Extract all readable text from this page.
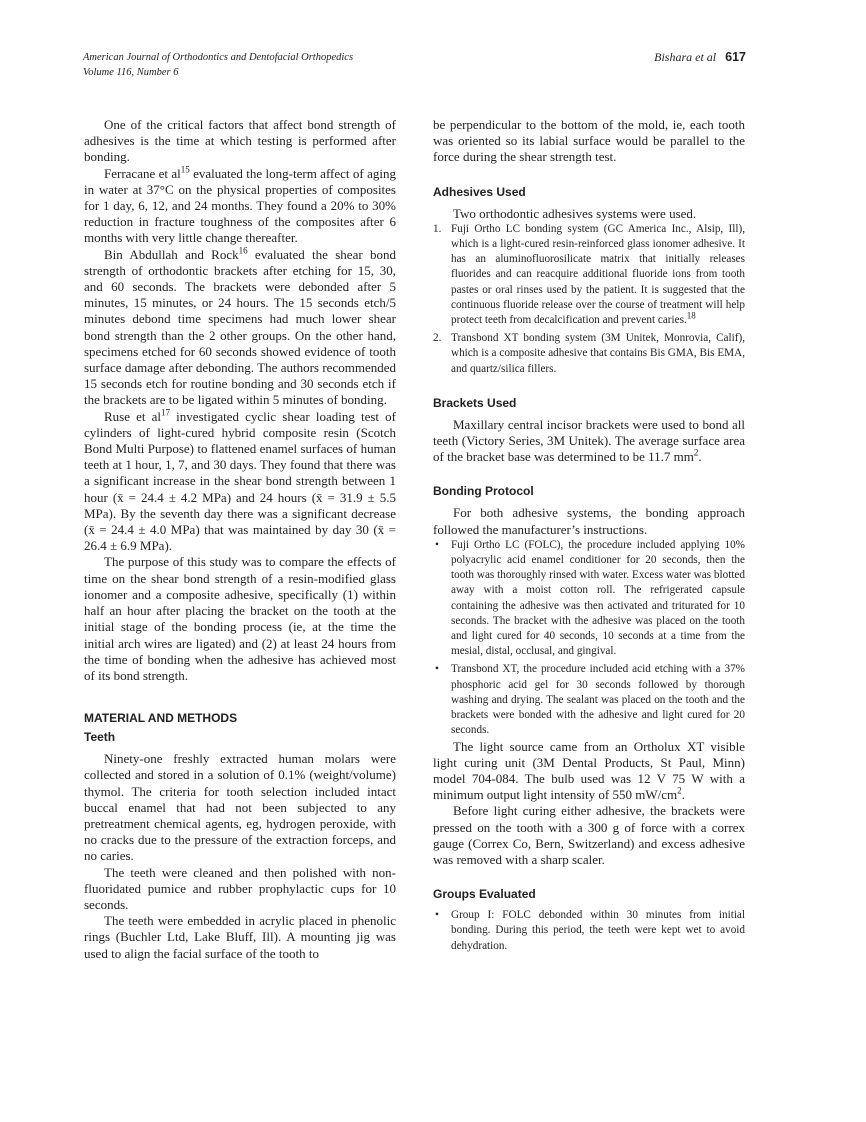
American Journal of Orthodontics and Dentofacial Orthopedics
Volume 116, Number 6
Bishara et al 617

One of the critical factors that affect bond strength of adhesives is the time at which testing is performed after bonding.

Ferracane et $al^{15}$ evaluated the long-term affect of aging in water at 37°C on the physical properties of composites for 1 day, 6, 12, and 24 months. They found a 20% to 30% reduction in fracture toughness of the composites after 6 months with very little change thereafter.

Bin Abdullah and Rock$^{16}$ evaluated the shear bond strength of orthodontic brackets after etching for 15, 30, and 60 seconds. The brackets were debonded after 5 minutes, 15 minutes, or 24 hours. The 15 seconds etch/5 minutes debond time specimens had much lower shear bond strength than the 2 other groups. On the other hand, specimens etched for 60 seconds showed evidence of tooth surface damage after debonding. The authors recommended 15 seconds etch for routine bonding and 30 seconds etch if the brackets are to be ligated within 5 minutes of bonding.

Ruse et $al^{17}$ investigated cyclic shear loading test of cylinders of light-cured hybrid composite resin (Scotch Bond Multi Purpose) to flattened enamel surfaces of human teeth at 1 hour, 1, 7, and 30 days. They found that there was a significant increase in the shear bond strength between 1 hour (x̄ = 24.4 ± 4.2 MPa) and 24 hours (x̄ = 31.9 ± 5.5 MPa). By the seventh day there was a significant decrease (x̄ = 24.4 ± 4.0 MPa) that was maintained by day 30 (x̄ = 26.4 ± 6.9 MPa).

The purpose of this study was to compare the effects of time on the shear bond strength of a resin-modified glass ionomer and a composite adhesive, specifically (1) within half an hour after placing the bracket on the tooth at the initial stage of the bonding process (ie, at the time the initial arch wires are ligated) and (2) at least 24 hours from the time of bonding when the adhesive has achieved most of its bond strength.

MATERIAL AND METHODS
Teeth

Ninety-one freshly extracted human molars were collected and stored in a solution of 0.1% (weight/volume) thymol. The criteria for tooth selection included intact buccal enamel that had not been subjected to any pretreatment chemical agents, eg, hydrogen peroxide, with no cracks due to the pressure of the extraction forceps, and no caries.

The teeth were cleaned and then polished with non-fluoridated pumice and rubber prophylactic cups for 10 seconds.

The teeth were embedded in acrylic placed in phenolic rings (Buchler Ltd, Lake Bluff, Ill). A mounting jig was used to align the facial surface of the tooth to

be perpendicular to the bottom of the mold, ie, each tooth was oriented so its labial surface would be parallel to the force during the shear strength test.

Adhesives Used

Two orthodontic adhesives systems were used.

1. Fuji Ortho LC bonding system (GC America Inc., Alsip, Ill), which is a light-cured resin-reinforced glass ionomer adhesive. It has an aluminofluorosilicate matrix that initially releases fluorides and can reacquire additional fluoride ions from tooth pastes or oral rinses used by the patient. It is suggested that the continuous fluoride release over the course of treatment will help protect teeth from decalcification and prevent caries.$^{18}$
2. Transbond XT bonding system (3M Unitek, Monrovia, Calif), which is a composite adhesive that contains Bis GMA, Bis EMA, and quartz/silica fillers.
Brackets Used

Maxillary central incisor brackets were used to bond all teeth (Victory Series, 3M Unitek). The average surface area of the bracket base was determined to be 11.7 $mm^2$.

Bonding Protocol

For both adhesive systems, the bonding approach followed the manufacturer’s instructions.

• Fuji Ortho LC (FOLC), the procedure included applying 10% polyacrylic acid enamel conditioner for 20 seconds, then the tooth was thoroughly rinsed with water. Excess water was blotted away with a moist cotton roll. The refrigerated capsule containing the adhesive was then activated and triturated for 10 seconds. The bracket with the adhesive was placed on the tooth and light cured for 40 seconds, 10 seconds at a time from the mesial, distal, occlusal, and gingival.
• Transbond XT, the procedure included acid etching with a 37% phosphoric acid gel for 30 seconds followed by thorough washing and drying. The sealant was placed on the tooth and the brackets were bonded with the adhesive and light cured for 20 seconds.

The light source came from an Ortholux XT visible light curing unit (3M Dental Products, St Paul, Minn) model 704-084. The bulb used was 12 V 75 W with a minimum output light intensity of 550 $mW/cm^2$.

Before light curing either adhesive, the brackets were pressed on the tooth with a 300 g of force with a correx gauge (Correx Co, Bern, Switzerland) and excess adhesive was removed with a sharp scaler.

Groups Evaluated
• Group I: FOLC debonded within 30 minutes from initial bonding. During this period, the teeth were kept wet to avoid dehydration.
